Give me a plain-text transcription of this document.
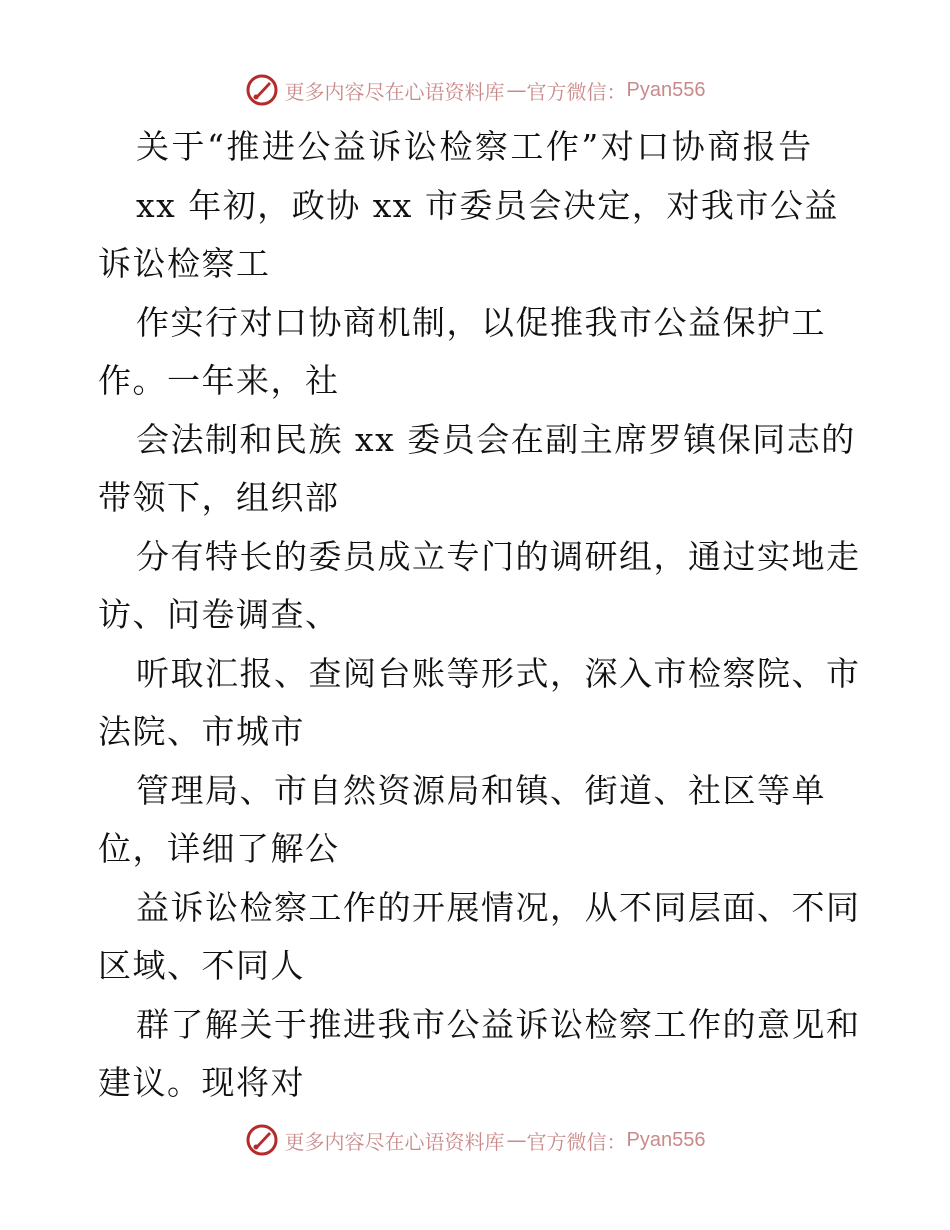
更多内容尽在心语资料库 — 官方微信： Pyan556
关于“推进公益诉讼检察工作”对口协商报告
xx 年初，政协 xx 市委员会决定，对我市公益
诉讼检察工
作实行对口协商机制，以促推我市公益保护工
作。一年来，社
会法制和民族 xx 委员会在副主席罗镇保同志的
带领下，组织部
分有特长的委员成立专门的调研组，通过实地走
访、问卷调查、
听取汇报、查阅台账等形式，深入市检察院、市
法院、市城市
管理局、市自然资源局和镇、街道、社区等单
位，详细了解公
益诉讼检察工作的开展情况，从不同层面、不同
区域、不同人
群了解关于推进我市公益诉讼检察工作的意见和
建议。现将对
更多内容尽在心语资料库 — 官方微信： Pyan556
